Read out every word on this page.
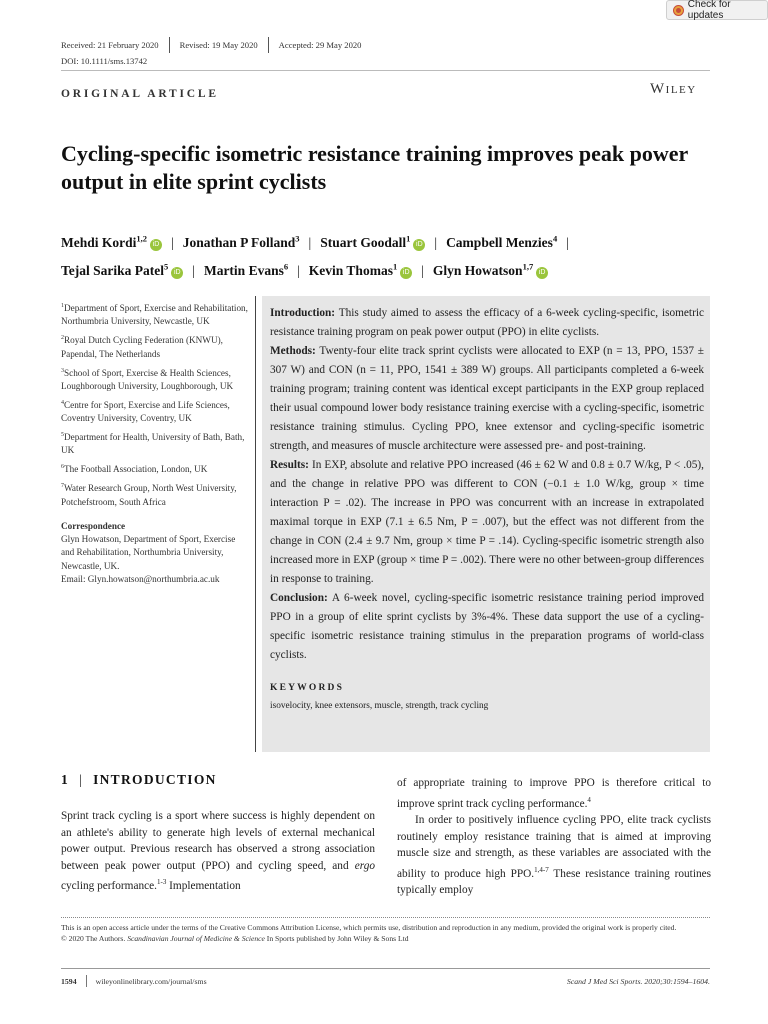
Check for updates
Received: 21 February 2020 Revised: 19 May 2020 Accepted: 29 May 2020
DOI: 10.1111/sms.13742
ORIGINAL ARTICLE	Wiley
Cycling-specific isometric resistance training improves peak power output in elite sprint cyclists
Mehdi Kordi$^{1,2}$iD | Jonathan P Folland$^3$ | Stuart Goodall$^1$iD | Campbell Menzies$^4$ |
Tejal Sarika Patel$^5$iD | Martin Evans$^6$ | Kevin Thomas$^1$iD | Glyn Howatson$^{1,7}$iD

$^1$Department of Sport, Exercise and Rehabilitation, Northumbria University, Newcastle, UK

$^2$Royal Dutch Cycling Federation (KNWU), Papendal, The Netherlands

$^3$School of Sport, Exercise & Health Sciences, Loughborough University, Loughborough, UK

$^4$Centre for Sport, Exercise and Life Sciences, Coventry University, Coventry, UK

$^5$Department for Health, University of Bath, Bath, UK

$^6$The Football Association, London, UK

$^7$Water Research Group, North West University, Potchefstroom, South Africa

Correspondence

Glyn Howatson, Department of Sport, Exercise and Rehabilitation, Northumbria University, Newcastle, UK.
Email: Glyn.howatson@northumbria.ac.uk

Introduction: This study aimed to assess the efficacy of a 6-week cycling-specific, isometric resistance training program on peak power output (PPO) in elite cyclists.

Methods: Twenty-four elite track sprint cyclists were allocated to EXP (n = 13, PPO, 1537 ± 307 W) and CON (n = 11, PPO, 1541 ± 389 W) groups. All participants completed a 6-week training program; training content was identical except participants in the EXP group replaced their usual compound lower body resistance training exercise with a cycling-specific, isometric resistance training stimulus. Cycling PPO, knee extensor and cycling-specific isometric strength, and measures of muscle architecture were assessed pre- and post-training.

Results: In EXP, absolute and relative PPO increased (46 ± 62 W and 0.8 ± 0.7 W/kg, P < .05), and the change in relative PPO was different to CON (−0.1 ± 1.0 W/kg, group × time interaction P = .02). The increase in PPO was concurrent with an increase in extrapolated maximal torque in EXP (7.1 ± 6.5 Nm, P = .007), but the effect was not different from the change in CON (2.4 ± 9.7 Nm, group × time P = .14). Cycling-specific isometric strength also increased more in EXP (group × time P = .002). There were no other between-group differences in response to training.

Conclusion: A 6-week novel, cycling-specific isometric resistance training period improved PPO in a group of elite sprint cyclists by 3%-4%. These data support the use of a cycling-specific isometric resistance training stimulus in the preparation programs of world-class cyclists.

KEYWORDS

isovelocity, knee extensors, muscle, strength, track cycling

1 | INTRODUCTION

Sprint track cycling is a sport where success is highly dependent on an athlete's ability to generate high levels of external mechanical power output. Previous research has observed a strong association between peak power output (PPO) and cycling speed, and ergo cycling performance.$^{1-3}$ Implementation

of appropriate training to improve PPO is therefore critical to improve sprint track cycling performance.$^4$

In order to positively influence cycling PPO, elite track cyclists routinely employ resistance training that is aimed at improving muscle size and strength, as these variables are associated with the ability to produce high PPO.$^{1,4-7}$ These resistance training routines typically employ

This is an open access article under the terms of the Creative Commons Attribution License, which permits use, distribution and reproduction in any medium, provided the original work is properly cited.

© 2020 The Authors. Scandinavian Journal of Medicine & Science In Sports published by John Wiley & Sons Ltd

1594 wileyonlinelibrary.com/journal/sms	Scand J Med Sci Sports. 2020;30:1594–1604.
